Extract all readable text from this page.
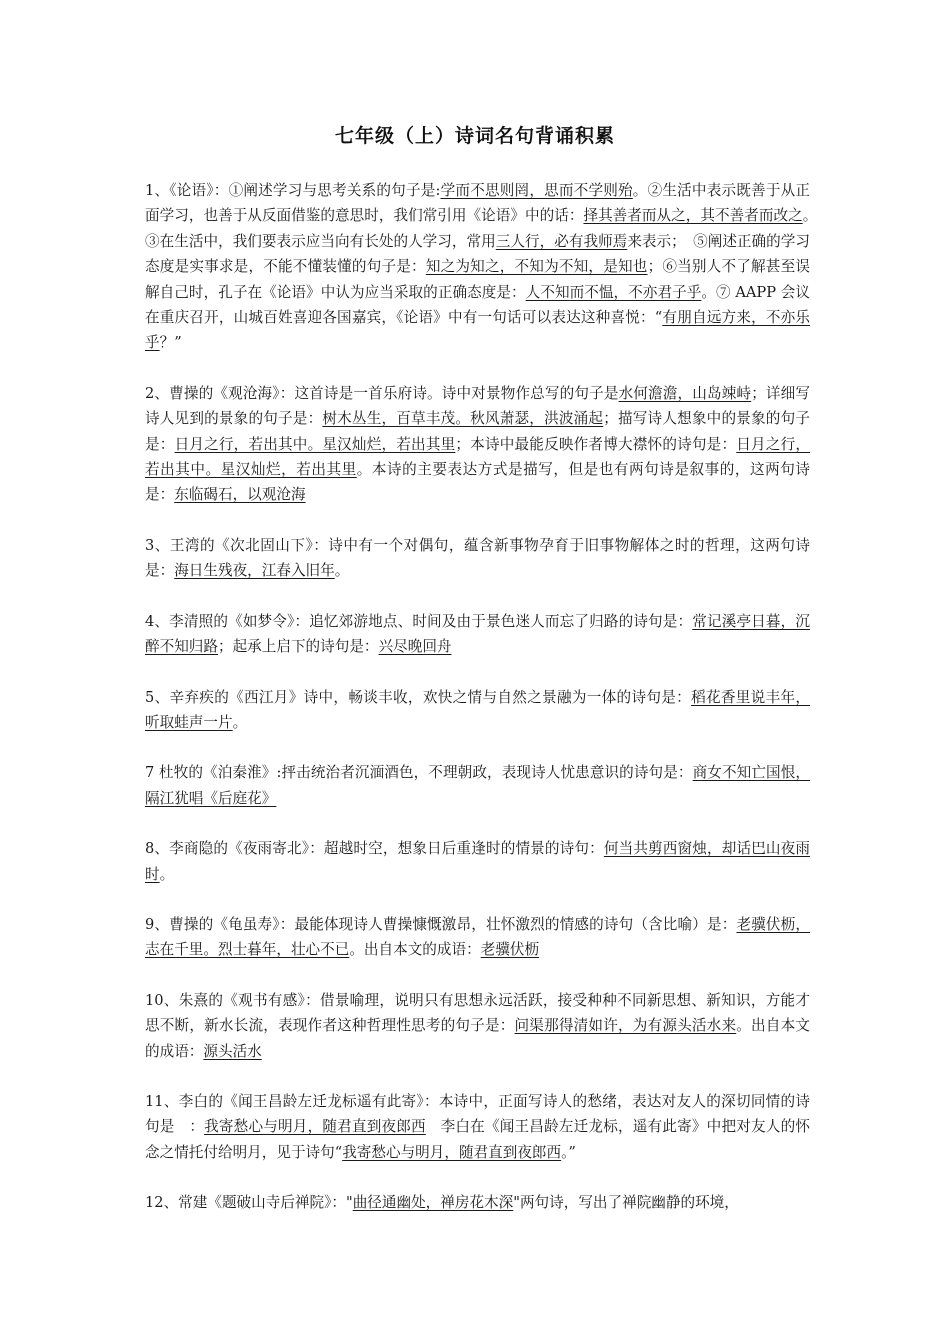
七年级（上）诗词名句背诵积累

1、《论语》：①阐述学习与思考关系的句子是:学而不思则罔，思而不学则殆。②生活中表示既善于从正面学习，也善于从反面借鉴的意思时，我们常引用《论语》中的话：择其善者而从之，其不善者而改之。　③在生活中，我们要表示应当向有长处的人学习，常用三人行，必有我师焉来表示；　⑤阐述正确的学习态度是实事求是，不能不懂装懂的句子是：知之为知之，不知为不知，是知也；⑥当别人不了解甚至误解自己时，孔子在《论语》中认为应当采取的正确态度是：人不知而不愠，不亦君子乎。⑦ AAPP 会议在重庆召开，山城百姓喜迎各国嘉宾，《论语》中有一句话可以表达这种喜悦：“有朋自远方来，不亦乐乎？”

2、曹操的《观沧海》：这首诗是一首乐府诗。诗中对景物作总写的句子是水何澹澹，山岛竦峙；详细写诗人见到的景象的句子是：树木丛生，百草丰茂。秋风萧瑟，洪波涌起；描写诗人想象中的景象的句子是：日月之行，若出其中。星汉灿烂，若出其里；本诗中最能反映作者博大襟怀的诗句是：日月之行，若出其中。星汉灿烂，若出其里。本诗的主要表达方式是描写，但是也有两句诗是叙事的，这两句诗是：东临碣石，以观沧海

3、王湾的《次北固山下》：诗中有一个对偶句，蕴含新事物孕育于旧事物解体之时的哲理，这两句诗是：海日生残夜，江春入旧年。

4、李清照的《如梦令》：追忆郊游地点、时间及由于景色迷人而忘了归路的诗句是：常记溪亭日暮，沉醉不知归路；起承上启下的诗句是：兴尽晚回舟

5、辛弃疾的《西江月》诗中，畅谈丰收，欢快之情与自然之景融为一体的诗句是：稻花香里说丰年，听取蛙声一片。

7 杜牧的《泊秦淮》:抨击统治者沉湎酒色，不理朝政，表现诗人忧患意识的诗句是：商女不知亡国恨，隔江犹唱《后庭花》

8、李商隐的《夜雨寄北》：超越时空，想象日后重逢时的情景的诗句：何当共剪西窗烛，却话巴山夜雨时。

9、曹操的《龟虽寿》：最能体现诗人曹操慷慨激昂，壮怀激烈的情感的诗句（含比喻）是：老骥伏枥，志在千里。烈士暮年，壮心不已。出自本文的成语：老骥伏枥

10、朱熹的《观书有感》：借景喻理，说明只有思想永远活跃，接受种种不同新思想、新知识，方能才思不断，新水长流，表现作者这种哲理性思考的句子是：问渠那得清如许，为有源头活水来。出自本文的成语：源头活水

11、李白的《闻王昌龄左迁龙标遥有此寄》：本诗中，正面写诗人的愁绪，表达对友人的深切同情的诗句是　：我寄愁心与明月，随君直到夜郎西　李白在《闻王昌龄左迁龙标，遥有此寄》中把对友人的怀念之情托付给明月，见于诗句“我寄愁心与明月，随君直到夜郎西。”

12、常建《题破山寺后禅院》："曲径通幽处，禅房花木深"两句诗，写出了禅院幽静的环境，
